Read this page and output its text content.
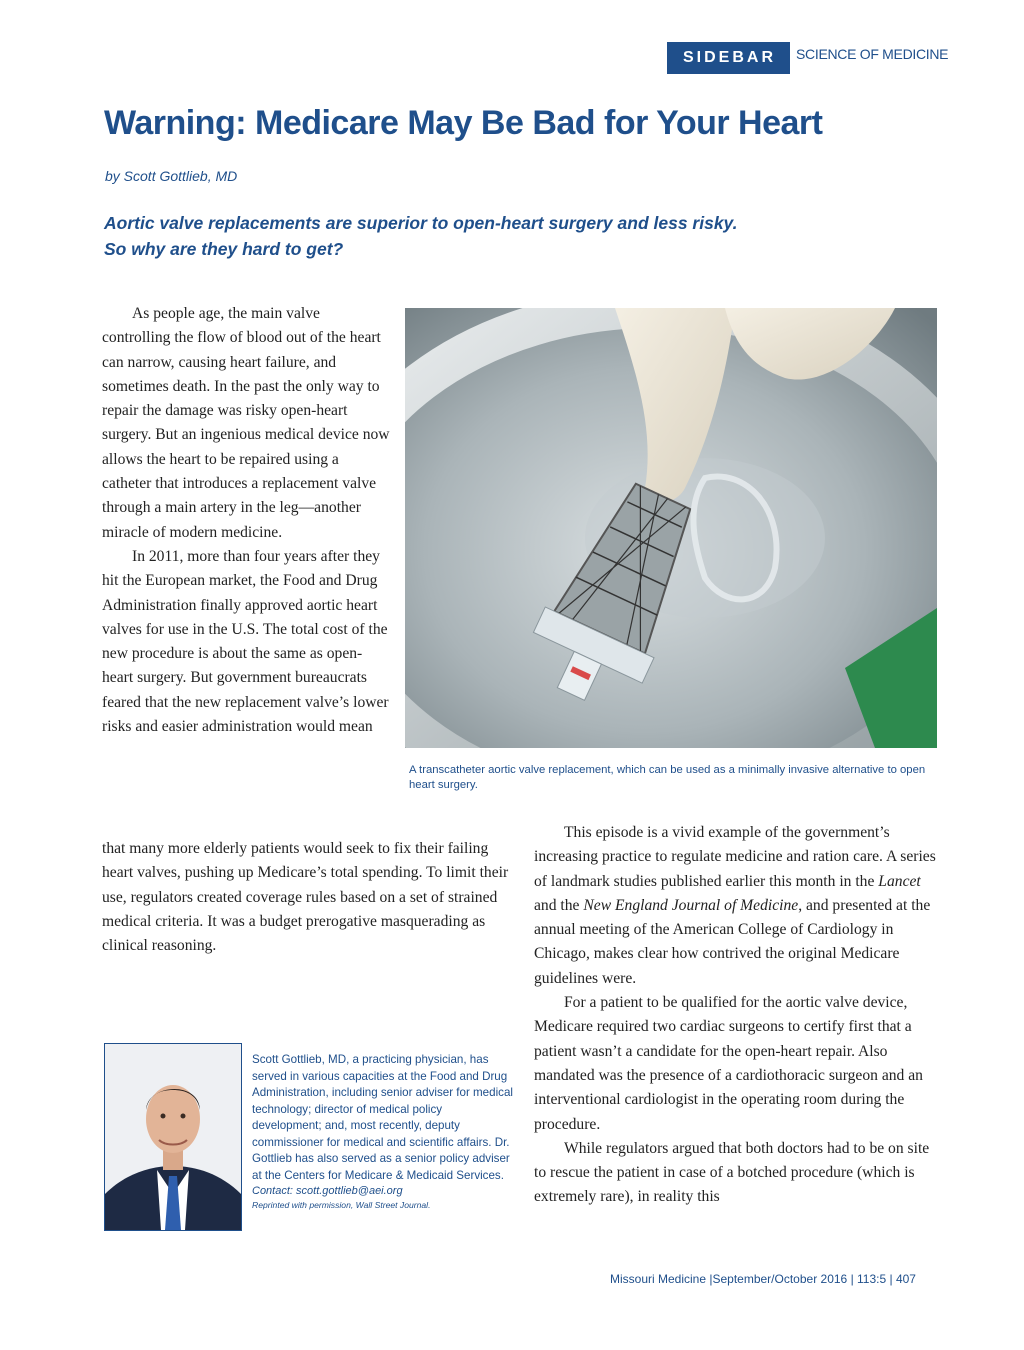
SIDEBAR	SCIENCE OF MEDICINE
Warning: Medicare May Be Bad for Your Heart
by Scott Gottlieb, MD
Aortic valve replacements are superior to open-heart surgery and less risky.
So why are they hard to get?

As people age, the main valve controlling the flow of blood out of the heart can narrow, causing heart failure, and sometimes death. In the past the only way to repair the damage was risky open-heart surgery. But an ingenious medical device now allows the heart to be repaired using a catheter that introduces a replacement valve through a main artery in the leg—another miracle of modern medicine.

In 2011, more than four years after they hit the European market, the Food and Drug Administration finally approved aortic heart valves for use in the U.S. The total cost of the new procedure is about the same as open-heart surgery. But government bureaucrats feared that the new replacement valve’s lower risks and easier administration would mean

that many more elderly patients would seek to fix their failing heart valves, pushing up Medicare’s total spending. To limit their use, regulators created coverage rules based on a set of strained medical criteria. It was a budget prerogative masquerading as clinical reasoning.

A transcatheter aortic valve replacement, which can be used as a minimally invasive alternative to open heart surgery.

This episode is a vivid example of the government’s increasing practice to regulate medicine and ration care. A series of landmark studies published earlier this month in the Lancet and the New England Journal of Medicine, and presented at the annual meeting of the American College of Cardiology in Chicago, makes clear how contrived the original Medicare guidelines were.

For a patient to be qualified for the aortic valve device, Medicare required two cardiac surgeons to certify first that a patient wasn’t a candidate for the open-heart repair. Also mandated was the presence of a cardiothoracic surgeon and an interventional cardiologist in the operating room during the procedure.

While regulators argued that both doctors had to be on site to rescue the patient in case of a botched procedure (which is extremely rare), in reality this

Scott Gottlieb, MD, a practicing physician, has served in various capacities at the Food and Drug Administration, including senior adviser for medical technology; director of medical policy development; and, most recently, deputy commissioner for medical and scientific affairs. Dr. Gottlieb has also served as a senior policy adviser at the Centers for Medicare & Medicaid Services.
Contact: scott.gottlieb@aei.org
Reprinted with permission, Wall Street Journal.
Missouri Medicine |September/October 2016 | 113:5 | 407
